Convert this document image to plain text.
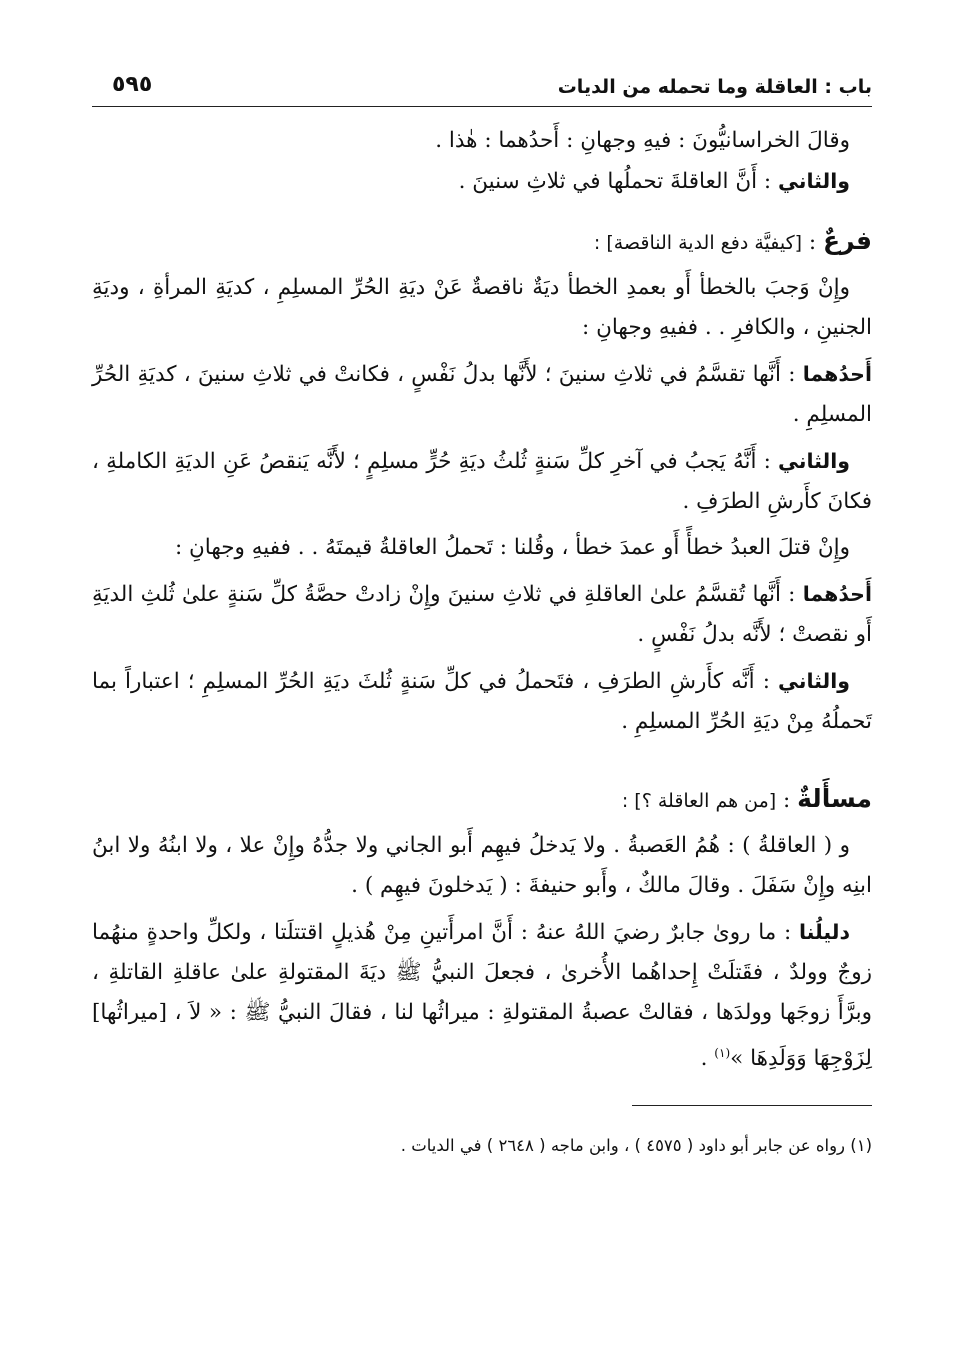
باب : العاقلة وما تحمله من الديات
٥٩٥

وقالَ الخراسانيُّونَ : فيهِ وجهانِ : أَحدُهما : هٰذا .

والثاني : أَنَّ العاقلةَ تحملُها في ثلاثِ سنينَ .

فرعٌ : [كيفيَّة دفع الدية الناقصة] :

وإِنْ وَجبَ بالخطأ أَو بعمدِ الخطأ ديَةٌ ناقصةٌ عَنْ ديَةِ الحُرِّ المسلِمِ ، كديَةِ المرأةِ ، وديَةِ الجنينِ ، والكافرِ . . ففيهِ وجهانِ :

أَحدُهما : أَنَّها تقسَّمُ في ثلاثِ سنينَ ؛ لأَنَّها بدلُ نَفْسٍ ، فكانتْ في ثلاثِ سنينَ ، كديَةِ الحُرِّ المسلِمِ .

والثاني : أَنَّهُ يَجبُ في آخرِ كلِّ سَنةٍ ثُلثُ ديَةِ حُرٍّ مسلِمٍ ؛ لأَنَّه يَنقصُ عَنِ الديَةِ الكاملةِ ، فكانَ كأَرشِ الطرَفِ .

وإِنْ قتلَ العبدُ خطأً أَو عمدَ خطأ ، وقُلنا : تَحملُ العاقلةُ قيمتَهُ . . ففيهِ وجهانِ :

أَحدُهما : أَنَّها تُقسَّمُ علىٰ العاقلةِ في ثلاثِ سنينَ وإِنْ زادتْ حصَّةُ كلِّ سَنةٍ علىٰ ثُلثِ الديَةِ أَو نقصتْ ؛ لأَنَّه بدلُ نَفْسٍ .

والثاني : أَنَّه كأَرشِ الطرَفِ ، فتَحملُ في كلِّ سَنةٍ ثُلثَ ديَةِ الحُرِّ المسلِمِ ؛ اعتباراً بما تَحملُهُ مِنْ ديَةِ الحُرِّ المسلِمِ .

مسأَلةٌ : [من هم العاقلة ؟] :

و ( العاقلةُ ) : هُمُ العَصبةُ . ولا يَدخلُ فيهِم أَبو الجاني ولا جدُّهُ وإِنْ علا ، ولا ابنُهُ ولا ابنُ ابنِه وإِنْ سَفَلَ . وقالَ مالكٌ ، وأَبو حنيفةَ : ( يَدخلونَ فيهِم ) .

دليلُنا : ما روىٰ جابرٌ رضيَ اللهُ عنهُ : أَنَّ امرأَتينِ مِنْ هُذيلٍ اقتتلَتا ، ولكلِّ واحدةٍ منهُما زوجٌ وولدٌ ، فقَتلَتْ إِحداهُما الأُخرىٰ ، فجعلَ النبيُّ ﷺ ديَةَ المقتولةِ علىٰ عاقلةِ القاتلةِ ، وبرَّأَ زوجَها وولدَها ، فقالتْ عصبةُ المقتولةِ : ميراثُها لنا ، فقالَ النبيُّ ﷺ : « لاَ ، [ميراثُها] لِزَوْجِهَا وَوَلَدِهَا »$^{(١)}$ .

(١) رواه عن جابر أبو داود ( ٤٥٧٥ ) ، وابن ماجه ( ٢٦٤٨ ) في الديات .
